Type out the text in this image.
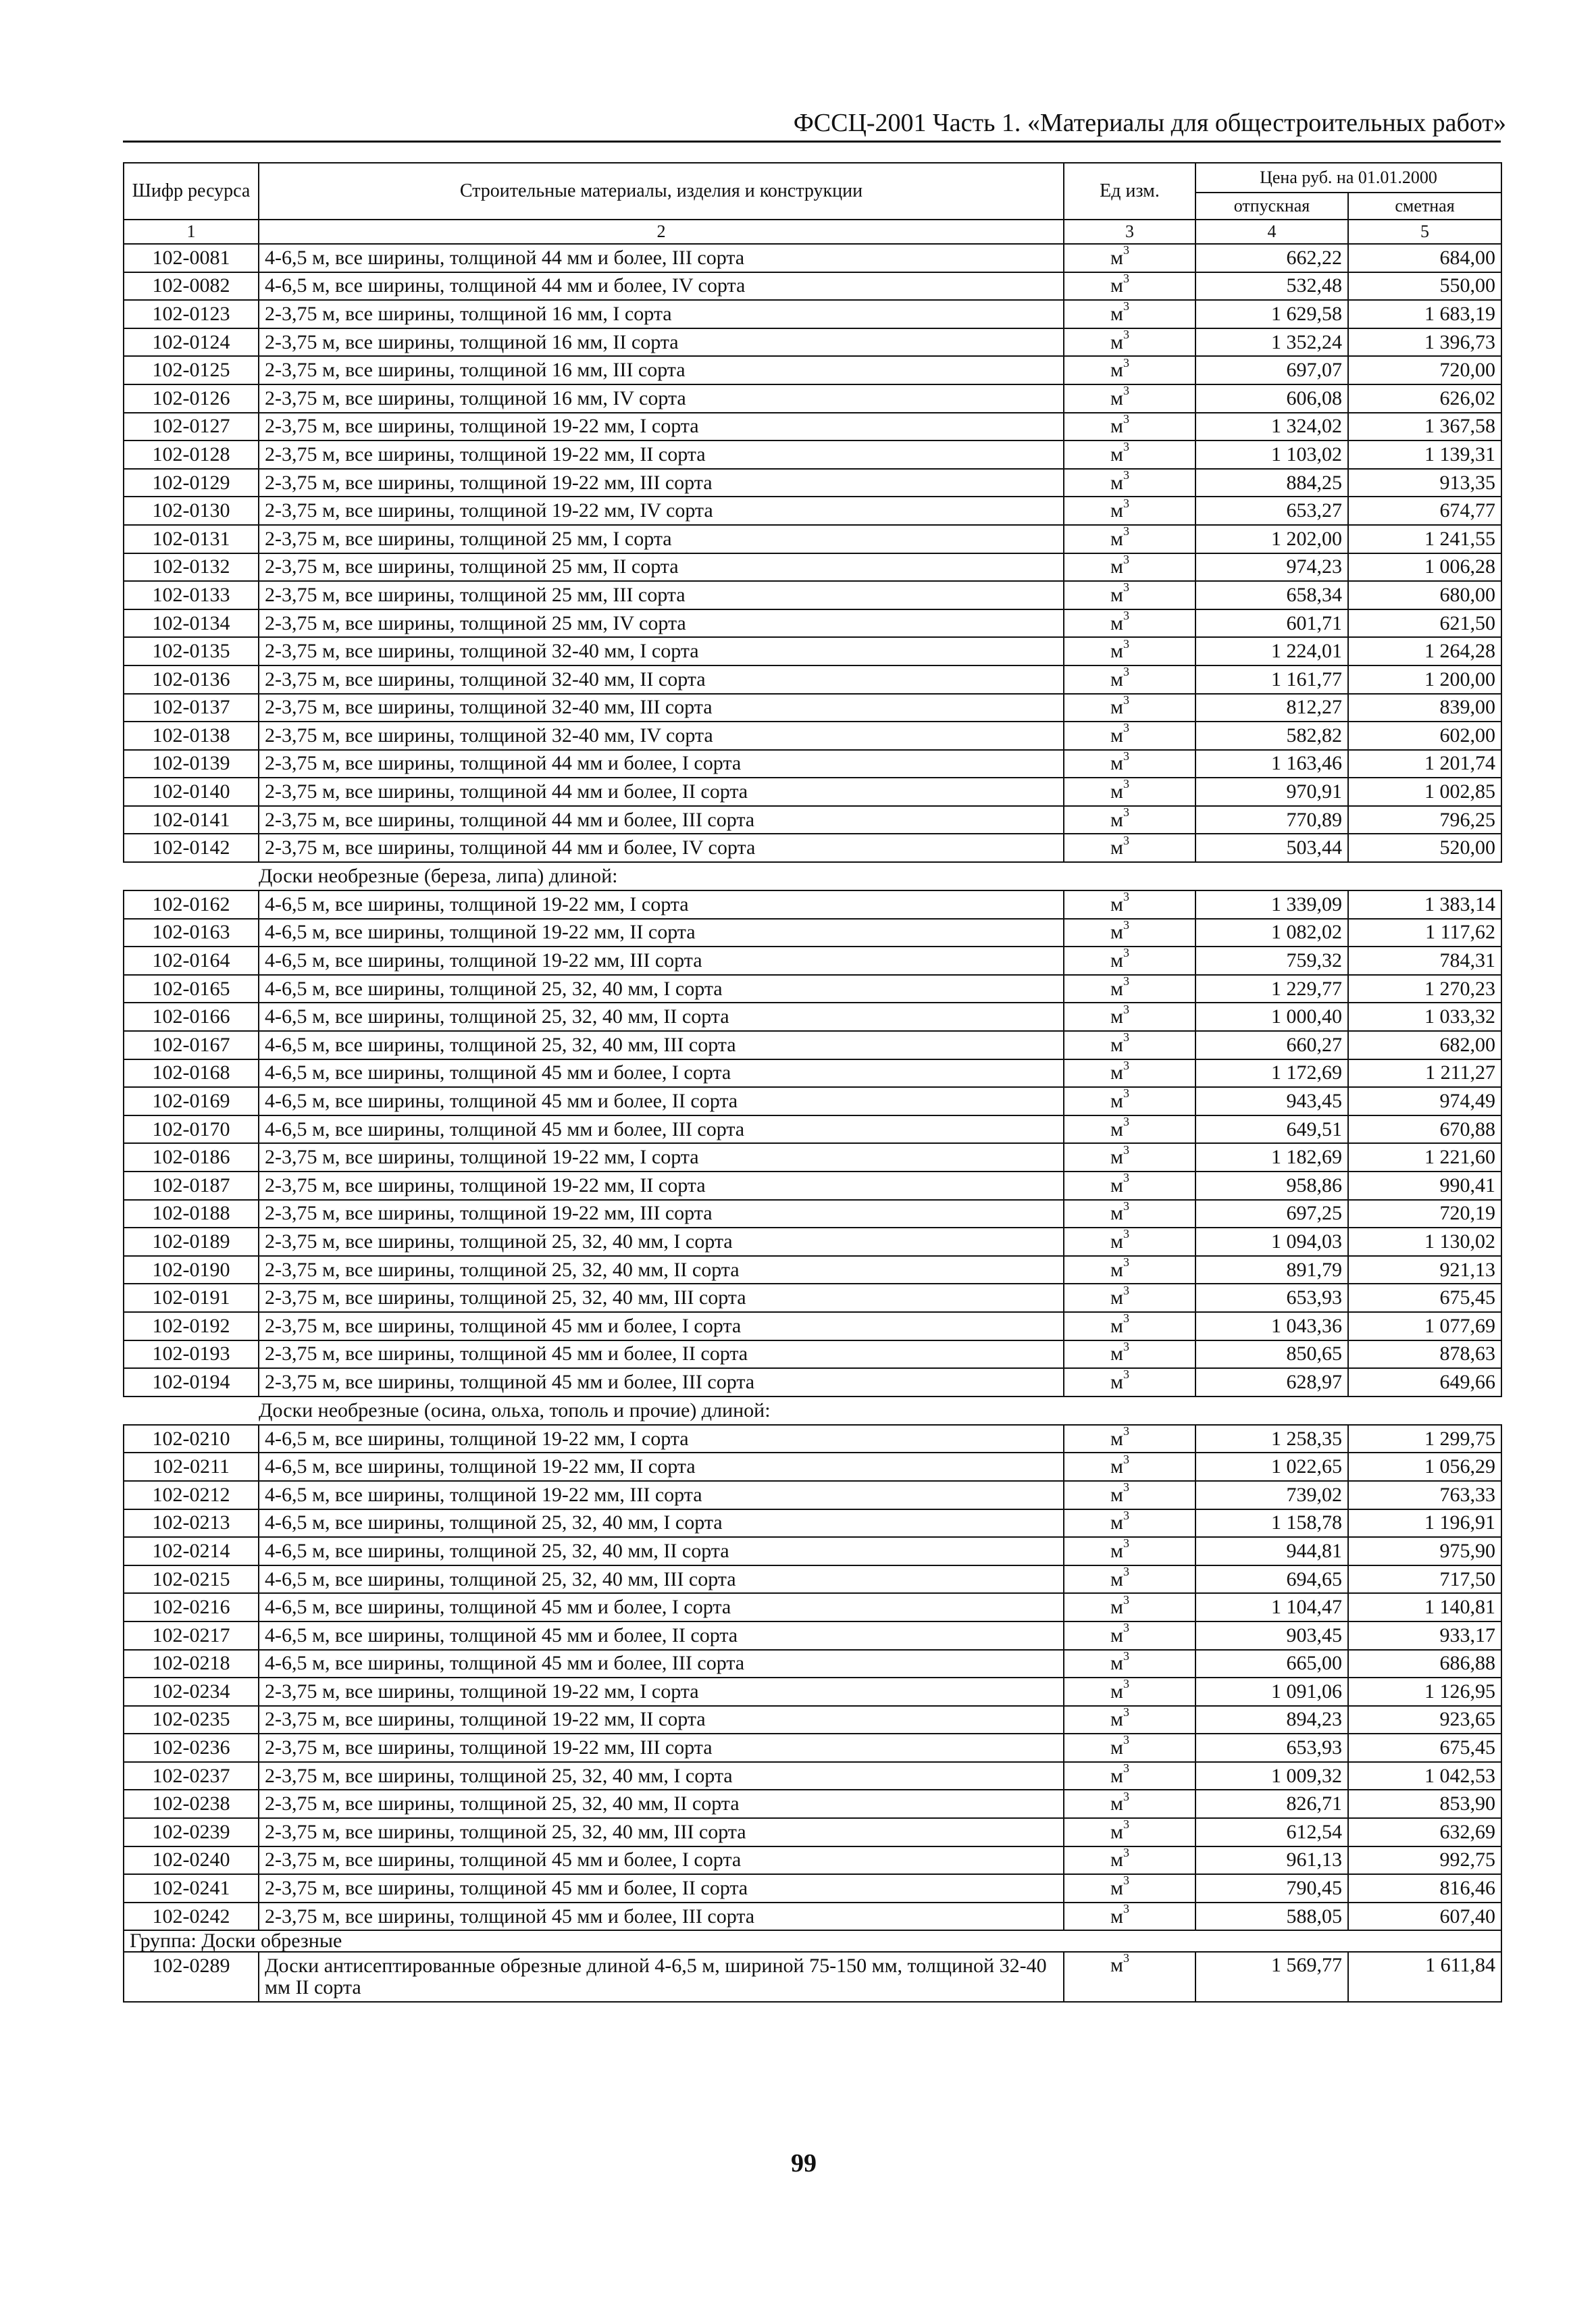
ФССЦ-2001 Часть 1. «Материалы для общестроительных работ»
Шифр ресурса	Строительные материалы, изделия и конструкции	Ед изм.	Цена руб. на 01.01.2000	
			отпускная	сметная
1	2	3	4	5
102-0081	4-6,5 м, все ширины, толщиной 44 мм и более, III сорта	$м^3$	662,22	684,00
102-0082	4-6,5 м, все ширины, толщиной 44 мм и более, IV сорта	$м^3$	532,48	550,00
102-0123	2-3,75 м, все ширины, толщиной 16 мм, I сорта	$м^3$	1 629,58	1 683,19
102-0124	2-3,75 м, все ширины, толщиной 16 мм, II сорта	$м^3$	1 352,24	1 396,73
102-0125	2-3,75 м, все ширины, толщиной 16 мм, III сорта	$м^3$	697,07	720,00
102-0126	2-3,75 м, все ширины, толщиной 16 мм, IV сорта	$м^3$	606,08	626,02
102-0127	2-3,75 м, все ширины, толщиной 19-22 мм, I сорта	$м^3$	1 324,02	1 367,58
102-0128	2-3,75 м, все ширины, толщиной 19-22 мм, II сорта	$м^3$	1 103,02	1 139,31
102-0129	2-3,75 м, все ширины, толщиной 19-22 мм, III сорта	$м^3$	884,25	913,35
102-0130	2-3,75 м, все ширины, толщиной 19-22 мм, IV сорта	$м^3$	653,27	674,77
102-0131	2-3,75 м, все ширины, толщиной 25 мм, I сорта	$м^3$	1 202,00	1 241,55
102-0132	2-3,75 м, все ширины, толщиной 25 мм, II сорта	$м^3$	974,23	1 006,28
102-0133	2-3,75 м, все ширины, толщиной 25 мм, III сорта	$м^3$	658,34	680,00
102-0134	2-3,75 м, все ширины, толщиной 25 мм, IV сорта	$м^3$	601,71	621,50
102-0135	2-3,75 м, все ширины, толщиной 32-40 мм, I сорта	$м^3$	1 224,01	1 264,28
102-0136	2-3,75 м, все ширины, толщиной 32-40 мм, II сорта	$м^3$	1 161,77	1 200,00
102-0137	2-3,75 м, все ширины, толщиной 32-40 мм, III сорта	$м^3$	812,27	839,00
102-0138	2-3,75 м, все ширины, толщиной 32-40 мм, IV сорта	$м^3$	582,82	602,00
102-0139	2-3,75 м, все ширины, толщиной 44 мм и более, I сорта	$м^3$	1 163,46	1 201,74
102-0140	2-3,75 м, все ширины, толщиной 44 мм и более, II сорта	$м^3$	970,91	1 002,85
102-0141	2-3,75 м, все ширины, толщиной 44 мм и более, III сорта	$м^3$	770,89	796,25
102-0142	2-3,75 м, все ширины, толщиной 44 мм и более, IV сорта	$м^3$	503,44	520,00
Доски необрезные (береза, липа) длиной:				
102-0162	4-6,5 м, все ширины, толщиной 19-22 мм, I сорта	$м^3$	1 339,09	1 383,14
102-0163	4-6,5 м, все ширины, толщиной 19-22 мм, II сорта	$м^3$	1 082,02	1 117,62
102-0164	4-6,5 м, все ширины, толщиной 19-22 мм, III сорта	$м^3$	759,32	784,31
102-0165	4-6,5 м, все ширины, толщиной 25, 32, 40 мм, I сорта	$м^3$	1 229,77	1 270,23
102-0166	4-6,5 м, все ширины, толщиной 25, 32, 40 мм, II сорта	$м^3$	1 000,40	1 033,32
102-0167	4-6,5 м, все ширины, толщиной 25, 32, 40 мм, III сорта	$м^3$	660,27	682,00
102-0168	4-6,5 м, все ширины, толщиной 45 мм и более, I сорта	$м^3$	1 172,69	1 211,27
102-0169	4-6,5 м, все ширины, толщиной 45 мм и более, II сорта	$м^3$	943,45	974,49
102-0170	4-6,5 м, все ширины, толщиной 45 мм и более, III сорта	$м^3$	649,51	670,88
102-0186	2-3,75 м, все ширины, толщиной 19-22 мм, I сорта	$м^3$	1 182,69	1 221,60
102-0187	2-3,75 м, все ширины, толщиной 19-22 мм, II сорта	$м^3$	958,86	990,41
102-0188	2-3,75 м, все ширины, толщиной 19-22 мм, III сорта	$м^3$	697,25	720,19
102-0189	2-3,75 м, все ширины, толщиной 25, 32, 40 мм, I сорта	$м^3$	1 094,03	1 130,02
102-0190	2-3,75 м, все ширины, толщиной 25, 32, 40 мм, II сорта	$м^3$	891,79	921,13
102-0191	2-3,75 м, все ширины, толщиной 25, 32, 40 мм, III сорта	$м^3$	653,93	675,45
102-0192	2-3,75 м, все ширины, толщиной 45 мм и более, I сорта	$м^3$	1 043,36	1 077,69
102-0193	2-3,75 м, все ширины, толщиной 45 мм и более, II сорта	$м^3$	850,65	878,63
102-0194	2-3,75 м, все ширины, толщиной 45 мм и более, III сорта	$м^3$	628,97	649,66
Доски необрезные (осина, ольха, тополь и прочие) длиной:				
102-0210	4-6,5 м, все ширины, толщиной 19-22 мм, I сорта	$м^3$	1 258,35	1 299,75
102-0211	4-6,5 м, все ширины, толщиной 19-22 мм, II сорта	$м^3$	1 022,65	1 056,29
102-0212	4-6,5 м, все ширины, толщиной 19-22 мм, III сорта	$м^3$	739,02	763,33
102-0213	4-6,5 м, все ширины, толщиной 25, 32, 40 мм, I сорта	$м^3$	1 158,78	1 196,91
102-0214	4-6,5 м, все ширины, толщиной 25, 32, 40 мм, II сорта	$м^3$	944,81	975,90
102-0215	4-6,5 м, все ширины, толщиной 25, 32, 40 мм, III сорта	$м^3$	694,65	717,50
102-0216	4-6,5 м, все ширины, толщиной 45 мм и более, I сорта	$м^3$	1 104,47	1 140,81
102-0217	4-6,5 м, все ширины, толщиной 45 мм и более, II сорта	$м^3$	903,45	933,17
102-0218	4-6,5 м, все ширины, толщиной 45 мм и более, III сорта	$м^3$	665,00	686,88
102-0234	2-3,75 м, все ширины, толщиной 19-22 мм, I сорта	$м^3$	1 091,06	1 126,95
102-0235	2-3,75 м, все ширины, толщиной 19-22 мм, II сорта	$м^3$	894,23	923,65
102-0236	2-3,75 м, все ширины, толщиной 19-22 мм, III сорта	$м^3$	653,93	675,45
102-0237	2-3,75 м, все ширины, толщиной 25, 32, 40 мм, I сорта	$м^3$	1 009,32	1 042,53
102-0238	2-3,75 м, все ширины, толщиной 25, 32, 40 мм, II сорта	$м^3$	826,71	853,90
102-0239	2-3,75 м, все ширины, толщиной 25, 32, 40 мм, III сорта	$м^3$	612,54	632,69
102-0240	2-3,75 м, все ширины, толщиной 45 мм и более, I сорта	$м^3$	961,13	992,75
102-0241	2-3,75 м, все ширины, толщиной 45 мм и более, II сорта	$м^3$	790,45	816,46
102-0242	2-3,75 м, все ширины, толщиной 45 мм и более, III сорта	$м^3$	588,05	607,40
Группа: Доски обрезные				
102-0289	Доски антисептированные обрезные длиной 4-6,5 м, шириной 75-150 мм, толщиной 32-40 мм II сорта	$м^3$	1 569,77	1 611,84
99
